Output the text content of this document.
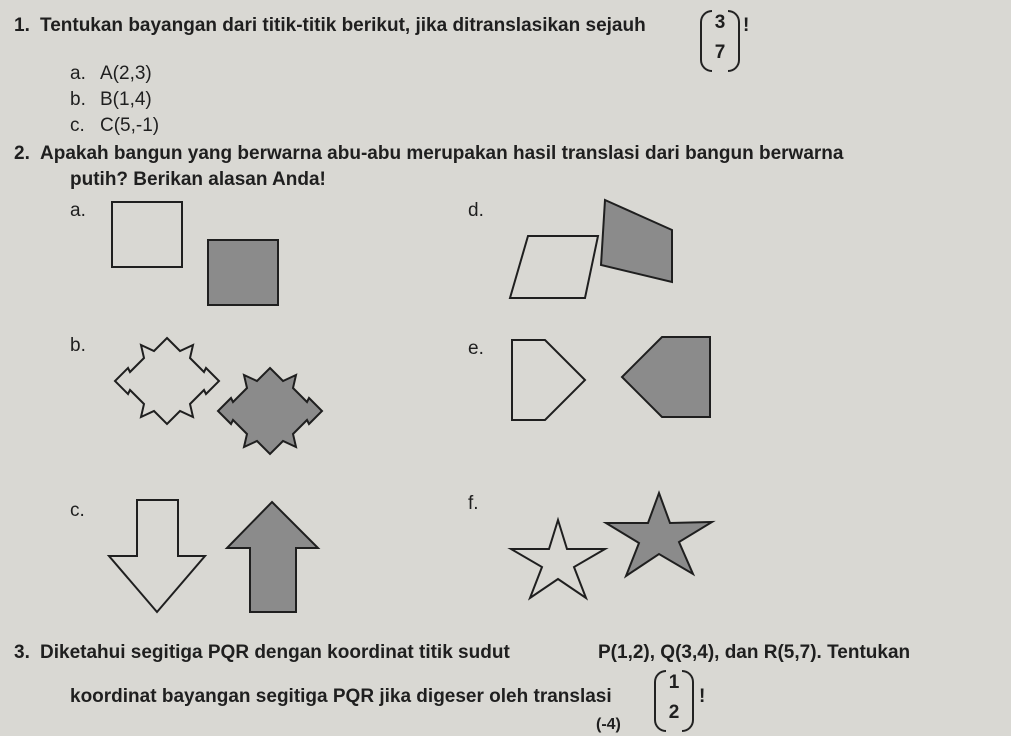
1. Tentukan bayangan dari titik-titik berikut, jika ditranslasikan sejauh	3
7
!
a. A(2,3)
b. B(1,4)
c. C(5,-1)
2. Apakah bangun yang berwarna abu-abu merupakan hasil translasi dari bangun berwarna
putih? Berikan alasan Anda!
a.	d.
b.	e.
c.	f.
3. Diketahui segitiga PQR dengan koordinat titik sudut	P(1,2), Q(3,4), dan R(5,7). Tentukan
koordinat bayangan segitiga PQR jika digeser oleh translasi
1
2
!
(-4)
